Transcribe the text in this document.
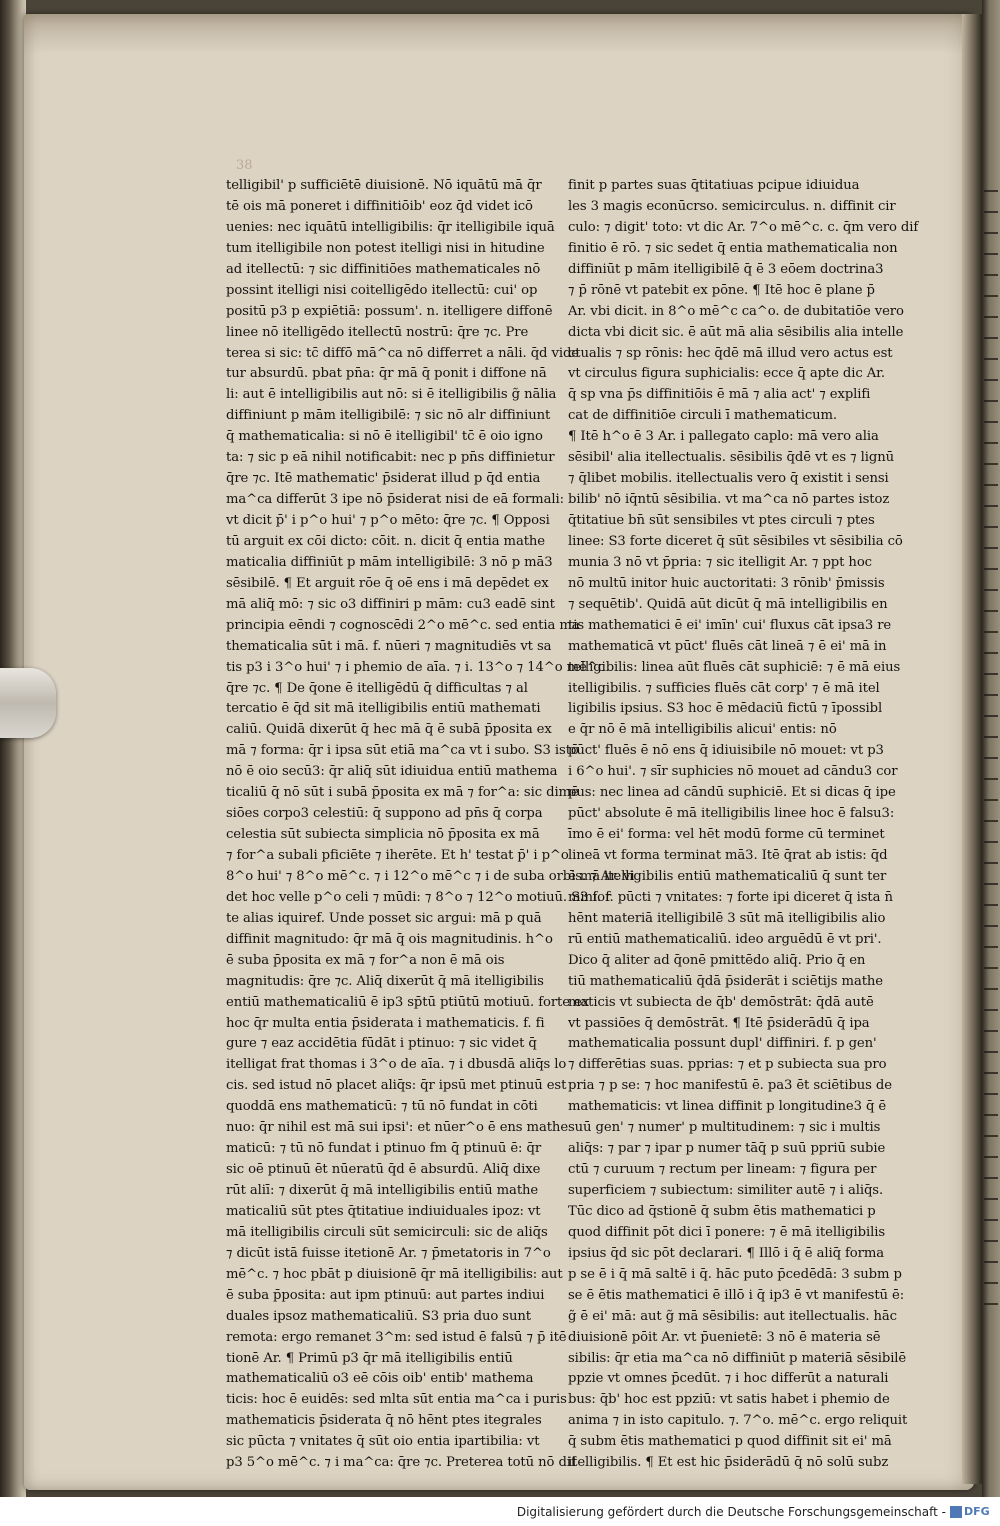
38
telligibil' p sufficiētē diuisionē. Nō iquātū mā q̄r
tē ois mā poneret i diffinitiōib' eoz q̄d videt icō
uenies: nec iquātū intelligibilis: q̄r itelligibile iquā
tum itelligibile non potest itelligi nisi in hitudine
ad itellectū: ⁊ sic diffinitiōes mathematicales nō
possint itelligi nisi coitelligēdo itellectū: cui' op
positū p3 p expiētiā: possum'. n. itelligere diffonē
linee nō itelligēdo itellectū nostrū: q̄re ⁊c. Pre
terea si sic: tc̄ diffō mā^ca nō differret a nāli. q̄d vide
tur absurdū. pbat pn̄a: q̄r mā q̄ ponit i diffone nā
li: aut ē intelligibilis aut nō: si ē itelligibilis g̃ nālia
diffiniunt p mām itelligibilē: ⁊ sic nō alr diffiniunt
q̄ mathematicalia: si nō ē itelligibil' tc̄ ē oio igno
ta: ⁊ sic p eā nihil notificabit: nec p pn̄s diffinietur
q̄re ⁊c. Itē mathematic' p̄siderat illud p q̄d entia
ma^ca differūt 3 ipe nō p̄siderat nisi de eā formali:
vt dicit p̄' i p^o hui' ⁊ p^o mēto: q̄re ⁊c. ¶ Opposi
tū arguit ex cōi dicto: cōit. n. dicit q̄ entia mathe
maticalia diffiniūt p mām intelligibilē: 3 nō p mā3
sēsibilē. ¶ Et arguit rōe q̄ oē ens i mā depēdet ex
mā aliq̄ mō: ⁊ sic o3 diffiniri p mām: cu3 eadē sint
principia eēndi ⁊ cognoscēdi 2^o mē^c. sed entia ma
thematicalia sūt i mā. f. nūeri ⁊ magnitudiēs vt sa
tis p3 i 3^o hui' ⁊ i phemio de aīa. ⁊ i. 13^o ⁊ 14^o mē^c
q̄re ⁊c. ¶ De q̄one ē itelligēdū q̄ difficultas ⁊ al
tercatio ē q̄d sit mā itelligibilis entiū mathemati
caliū. Quidā dixerūt q̄ hec mā q̄ ē subā p̄posita ex
mā ⁊ forma: q̄r i ipsa sūt etiā ma^ca vt i subo. S3 istō
nō ē oio secū3: q̄r aliq̄ sūt idiuidua entiū mathema
ticaliū q̄ nō sūt i subā p̄posita ex mā ⁊ for^a: sic dimē
siōes corpo3 celestiū: q̄ suppono ad pn̄s q̄ corpa
celestia sūt subiecta simplicia nō p̄posita ex mā
⁊ for^a subali pficiēte ⁊ iherēte. Et h' testat p̄' i p^o
8^o hui' ⁊ 8^o mē^c. ⁊ i 12^o mē^c ⁊ i de suba orbis. ⁊ Ar. vi
det hoc velle p^o celi ⁊ mūdi: ⁊ 8^o ⁊ 12^o motiuū. S3 for
te alias iquiref. Unde posset sic argui: mā p quā
diffinit magnitudo: q̄r mā q̄ ois magnitudinis. h^o
ē suba p̄posita ex mā ⁊ for^a non ē mā ois
magnitudis: q̄re ⁊c. Aliq̄ dixerūt q̄ mā itelligibilis
entiū mathematicaliū ē ip3 sp̄tū ptiūtū motiuū. forte ex
hoc q̄r multa entia p̄siderata i mathematicis. f. fi
gure ⁊ eaz accidētia fūdāt i ptinuo: ⁊ sic videt q̄
itelligat frat thomas i 3^o de aīa. ⁊ i dbusdā aliq̄s lo
cis. sed istud nō placet aliq̄s: q̄r ipsū met ptinuū est
quoddā ens mathematicū: ⁊ tū nō fundat in cōti
nuo: q̄r nihil est mā sui ipsi': et nūer^o ē ens mathe
maticū: ⁊ tū nō fundat i ptinuo fm q̄ ptinuū ē: q̄r
sic oē ptinuū ēt nūeratū q̄d ē absurdū. Aliq̄ dixe
rūt aliī: ⁊ dixerūt q̄ mā intelligibilis entiū mathe
maticaliū sūt ptes q̄titatiue indiuiduales ipoz: vt
mā itelligibilis circuli sūt semicirculi: sic de aliq̄s
⁊ dicūt istā fuisse itetionē Ar. ⁊ p̄metatoris in 7^o
mē^c. ⁊ hoc pbāt p diuisionē q̄r mā itelligibilis: aut
ē suba p̄posita: aut ipm ptinuū: aut partes indiui
duales ipsoz mathematicaliū. S3 pria duo sunt
remota: ergo remanet 3^m: sed istud ē falsū ⁊ p̄ itē
tionē Ar. ¶ Primū p3 q̄r mā itelligibilis entiū
mathematicaliū o3 eē cōis oib' entib' mathema
ticis: hoc ē euidēs: sed mlta sūt entia ma^ca i puris
mathematicis p̄siderata q̄ nō hēnt ptes itegrales
sic pūcta ⁊ vnitates q̄ sūt oio entia ipartibilia: vt
p3 5^o mē^c. ⁊ i ma^ca: q̄re ⁊c. Preterea totū nō dif
finit p partes suas q̄titatiuas pcipue idiuidua
les 3 magis econūcrso. semicirculus. n. diffinit cir
culo: ⁊ digit' toto: vt dic Ar. 7^o mē^c. c. q̄m vero dif
finitio ē rō. ⁊ sic sedet q̄ entia mathematicalia non
diffiniūt p mām itelligibilē q̄ ē 3 eōem doctrina3
⁊ p̄ rōnē vt patebit ex pōne. ¶ Itē hoc ē plane p̄
Ar. vbi dicit. in 8^o mē^c ca^o. de dubitatiōe vero
dicta vbi dicit sic. ē aūt mā alia sēsibilis alia intelle
ctualis ⁊ sp rōnis: hec q̄dē mā illud vero actus est
vt circulus figura suphicialis: ecce q̄ apte dic Ar.
q̄ sp vna p̄s diffinitiōis ē mā ⁊ alia act' ⁊ explifi
cat de diffinitiōe circuli ī mathematicum.
¶ Itē h^o ē 3 Ar. i pallegato caplo: mā vero alia
sēsibil' alia itellectualis. sēsibilis q̄dē vt es ⁊ lignū
⁊ q̄libet mobilis. itellectualis vero q̄ existit i sensi
bilib' nō iq̄ntū sēsibilia. vt ma^ca nō partes istoz
q̄titatiue bn̄ sūt sensibiles vt ptes circuli ⁊ ptes
linee: S3 forte diceret q̄ sūt sēsibiles vt sēsibilia cō
munia 3 nō vt p̄pria: ⁊ sic itelligit Ar. ⁊ ppt hoc
nō multū initor huic auctoritati: 3 rōnib' p̄missis
⁊ sequētib'. Quidā aūt dicūt q̄ mā intelligibilis en
tis mathematici ē ei' imīn' cui' fluxus cāt ipsa3 re
mathematicā vt pūct' fluēs cāt lineā ⁊ ē ei' mā in
telligibilis: linea aūt fluēs cāt suphiciē: ⁊ ē mā eius
itelligibilis. ⁊ sufficies fluēs cāt corp' ⁊ ē mā itel
ligibilis ipsius. S3 hoc ē mēdaciū fictū ⁊ īpossibl
e q̄r nō ē mā intelligibilis alicui' entis: nō
pūct' fluēs ē nō ens q̄ idiuisibile nō mouet: vt p3
i 6^o hui'. ⁊ sīr suphicies nō mouet ad cāndu3 cor
pus: nec linea ad cāndū suphiciē. Et si dicas q̄ ipe
pūct' absolute ē mā itelligibilis linee hoc ē falsu3:
īmo ē ei' forma: vel hēt modū forme cū terminet
lineā vt forma terminat mā3. Itē q̄rat ab istis: q̄d
ē mā itelligibilis entiū mathematicaliū q̄ sunt ter
mini. f. pūcti ⁊ vnitates: ⁊ forte ipi diceret q̄ ista n̄
hēnt materiā itelligibilē 3 sūt mā itelligibilis alio
rū entiū mathematicaliū. ideo arguēdū ē vt pri'.
Dico q̄ aliter ad q̄onē pmittēdo aliq̄. Prio q̄ en
tiū mathematicaliū q̄dā p̄siderāt i sciētijs mathe
maticis vt subiecta de q̄b' demōstrāt: q̄dā autē
vt passiōes q̄ demōstrāt. ¶ Itē p̄siderādū q̄ ipa
mathematicalia possunt dupl' diffiniri. f. p gen'
⁊ differētias suas. pprias: ⁊ et p subiecta sua pro
pria ⁊ p se: ⁊ hoc manifestū ē. pa3 ēt sciētibus de
mathematicis: vt linea diffinit p longitudine3 q̄ ē
suū gen' ⁊ numer' p multitudinem: ⁊ sic i multis
aliq̄s: ⁊ par ⁊ ipar p numer tāq̄ p suū ppriū subie
ctū ⁊ curuum ⁊ rectum per lineam: ⁊ figura per
superficiem ⁊ subiectum: similiter autē ⁊ i aliq̄s.
Tūc dico ad q̄stionē q̄ subm ētis mathematici p
quod diffinit pōt dici ī ponere: ⁊ ē mā itelligibilis
ipsius q̄d sic pōt declarari. ¶ Illō i q̄ ē aliq̄ forma
p se ē i q̄ mā saltē i q̄. hāc puto p̄cedēdā: 3 subm p
se ē ētis mathematici ē illō i q̄ ip3 ē vt manifestū ē:
g̃ ē ei' mā: aut g̃ mā sēsibilis: aut itellectualis. hāc
diuisionē pōit Ar. vt p̄uenietē: 3 nō ē materia sē
sibilis: q̄r etia ma^ca nō diffiniūt p materiā sēsibilē
ppzie vt omnes p̄cedūt. ⁊ i hoc differūt a naturali
bus: q̄b' hoc est ppziū: vt satis habet i phemio de
anima ⁊ in isto capitulo. ⁊. 7^o. mē^c. ergo reliquit
q̄ subm ētis mathematici p quod diffinit sit ei' mā
itelligibilis. ¶ Et est hic p̄siderādū q̄ nō solū subz
Digitalisierung gefördert durch die Deutsche Forschungsgemeinschaft - DFG
